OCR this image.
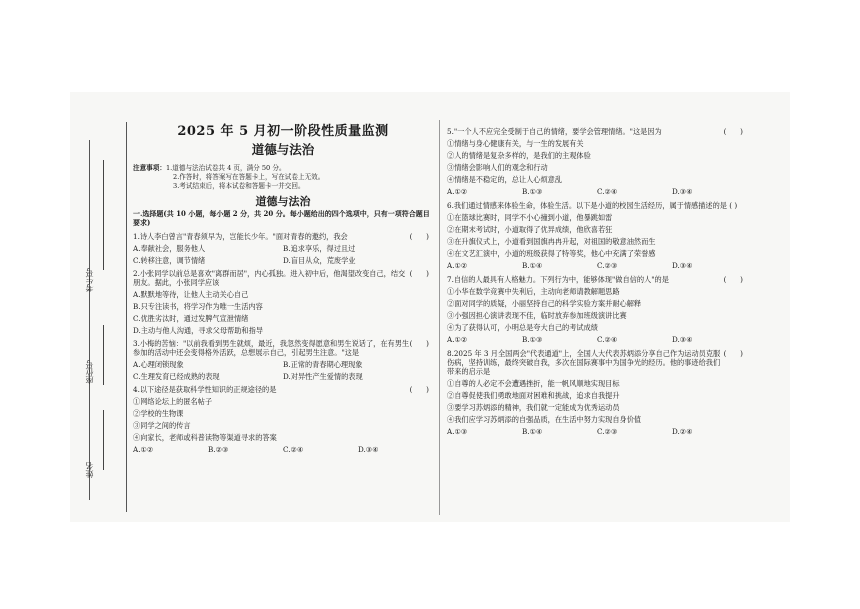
考生号
座位号
姓名
2025 年 5 月初一阶段性质量监测
道德与法治
注意事项： 1.道德与法治试卷共 4 页，满分 50 分。
2.作答时，将答案写在答题卡上，写在试卷上无效。
3.考试结束后，将本试卷和答题卡一并交回。
道德与法治
一.选择题(共 10 小题，每小题 2 分，共 20 分。每小题给出的四个选项中，只有一项符合题目要求)
1.诗人李白曾言"青春须早为，岂能长少年。"面对青春的邀约，我会	(      )
A.奉献社会，服务他人	B.追求享乐，得过且过
C.转移注意，调节情绪	D.盲目从众，荒废学业
2.小张同学以前总是喜欢"离群而居"，内心孤独。进入初中后，他渴望改变自己，结交朋友。据此，小张同学应该
(      )
A.默默地等待，让他人主动关心自己
B.只专注读书，将学习作为唯一生活内容
C.优胜劣汰时，通过发脾气宣泄情绪
D.主动与他人沟通，寻求父母帮助和指导
3.小梅的苦恼："以前我看到男生就烦，最近，我忽然变得愿意和男生说话了，在有男生参加的活动中还会变得格外活跃，总想展示自己，引起男生注意。"这是
(      )
A.心理闭锁现象	B.正常的青春期心理现象
C.生理发育已经成熟的表现	D.对异性产生爱情的表现
4.以下途径是获取科学性知识的正规途径的是	(      )
①网络论坛上的匿名帖子
②学校的生物课
③同学之间的传言
④向家长，老师或科普读物等渠道寻求的答案
A.①②	B.②③	C.②④	D.③④
5."一个人不应完全受制于自己的情绪，要学会管理情绪。"这是因为	(      )
①情绪与身心健康有关，与一生的发展有关
②人的情绪是复杂多样的，是我们的主观体验
③情绪会影响人们的观念和行动
④情绪是不稳定的，总让人心烦意乱
A.①②	B.①③	C.②④	D.③④
6.我们通过情感来体验生命，体验生活。以下是小道的校园生活经历，属于情感描述的是 ( )
①在篮球比赛时，同学不小心撞到小道，他暴跳如雷
②在期末考试时，小道取得了优异成绩，他欣喜若狂
③在升旗仪式上，小道看到国旗冉冉升起，对祖国的敬意油然而生
④在文艺汇演中，小道的班级获得了特等奖，他心中充满了荣誉感
A.①②	B.①④	C.②③	D.③④
7.自信的人最具有人格魅力。下列行为中，能够体现"做自信的人"的是	(      )
①小华在数学竞赛中失利后，主动向老师请教解题思路
②面对同学的质疑，小丽坚持自己的科学实验方案并耐心解释
③小强因担心演讲表现不佳，临时放弃参加班级演讲比赛
④为了获得认可，小明总是夸大自己的考试成绩
A.①②	B.①③	C.②④	D.③④
8.2025 年 3 月全国两会"代表通道"上，全国人大代表苏炳添分享自己作为运动员克服伤病，坚持训练，最终突破自我，多次在国际赛事中为国争光的经历。他的事迹给我们带来的启示是
(      )
①自尊的人必定不会遭遇挫折，能一帆风顺地实现目标
②自尊促使我们勇敢地面对困难和挑战，追求自我提升
③要学习苏炳添的精神，我们就一定能成为优秀运动员
④我们应学习苏炳添的自强品质，在生活中努力实现自身价值
A.①③	B.①④	C.②③	D.②④
